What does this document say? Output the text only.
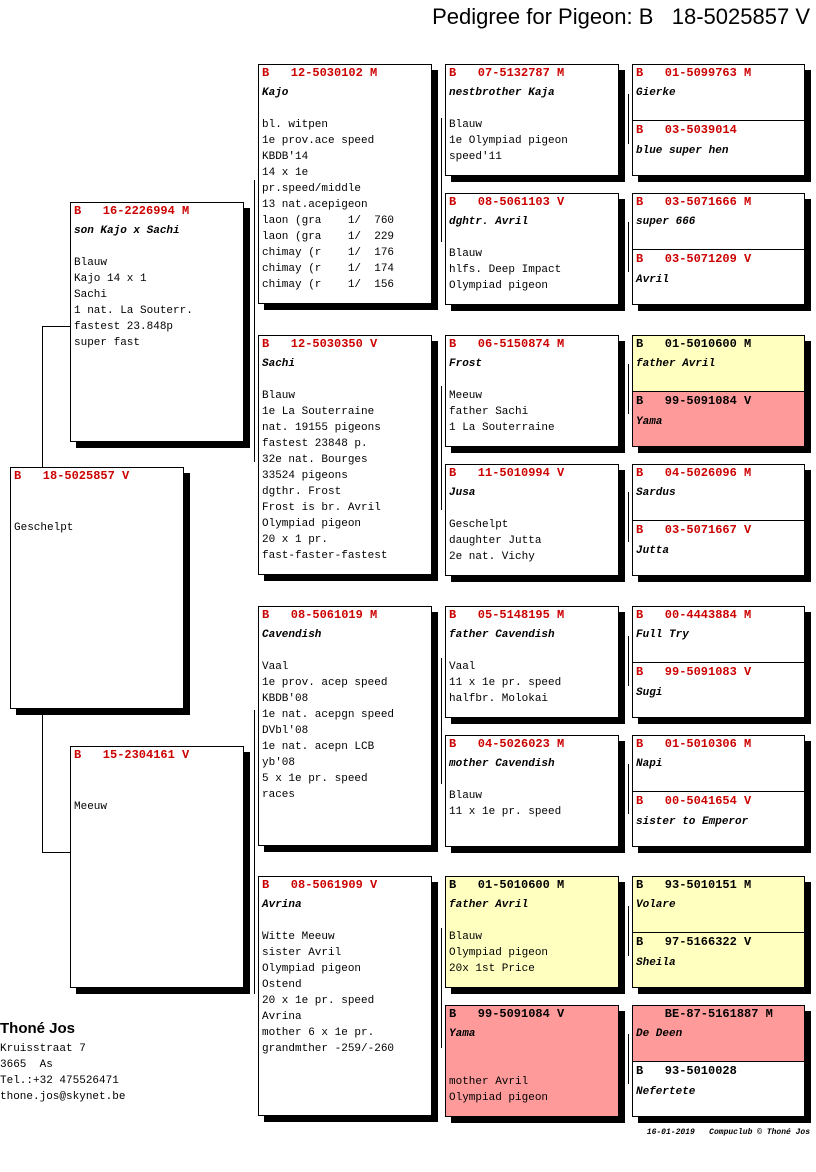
Pedigree for Pigeon: B   18-5025857 V
B   18-5025857 V
Geschelpt
B   16-2226994 M
son Kajo x Sachi
Blauw
Kajo 14 x 1
Sachi
1 nat. La Souterr.
fastest 23.848p
super fast
B   15-2304161 V
Meeuw
B   12-5030102 M
Kajo
bl. witpen
1e prov.ace speed
KBDB'14
14 x 1e
pr.speed/middle
13 nat.acepigeon
laon (gra    1/  760
laon (gra    1/  229
chimay (r    1/  176
chimay (r    1/  174
chimay (r    1/  156
B   12-5030350 V
Sachi
Blauw
1e La Souterraine
nat. 19155 pigeons
fastest 23848 p.
32e nat. Bourges
33524 pigeons
dgthr. Frost
Frost is br. Avril
Olympiad pigeon
20 x 1 pr.
fast-faster-fastest
B   08-5061019 M
Cavendish
Vaal
1e prov. acep speed
KBDB'08
1e nat. acepgn speed
DVbl'08
1e nat. acepn LCB
yb'08
5 x 1e pr. speed
races
B   08-5061909 V
Avrina
Witte Meeuw
sister Avril
Olympiad pigeon
Ostend
20 x 1e pr. speed
Avrina
mother 6 x 1e pr.
grandmther -259/-260
B   07-5132787 M
nestbrother Kaja
Blauw
1e Olympiad pigeon
speed'11
B   08-5061103 V
dghtr. Avril
Blauw
hlfs. Deep Impact
Olympiad pigeon
B   06-5150874 M
Frost
Meeuw
father Sachi
1 La Souterraine
B   11-5010994 V
Jusa
Geschelpt
daughter Jutta
2e nat. Vichy
B   05-5148195 M
father Cavendish
Vaal
11 x 1e pr. speed
halfbr. Molokai
B   04-5026023 M
mother Cavendish
Blauw
11 x 1e pr. speed
B   01-5010600 M
father Avril
Blauw
Olympiad pigeon
20x 1st Price
B   99-5091084 V
Yama
mother Avril
Olympiad pigeon
B   01-5099763 M
Gierke
B   03-5039014
blue super hen
B   03-5071666 M
super 666
B   03-5071209 V
Avril
B   01-5010600 M
father Avril
B   99-5091084 V
Yama
B   04-5026096 M
Sardus
B   03-5071667 V
Jutta
B   00-4443884 M
Full Try
B   99-5091083 V
Sugi
B   01-5010306 M
Napi
B   00-5041654 V
sister to Emperor
B   93-5010151 M
Volare
B   97-5166322 V
Sheila
BE-87-5161887 M
De Deen
B   93-5010028
Nefertete
Thoné Jos
Kruisstraat 7
3665  As
Tel.:+32 475526471
thone.jos@skynet.be
16-01-2019   Compuclub © Thoné Jos
